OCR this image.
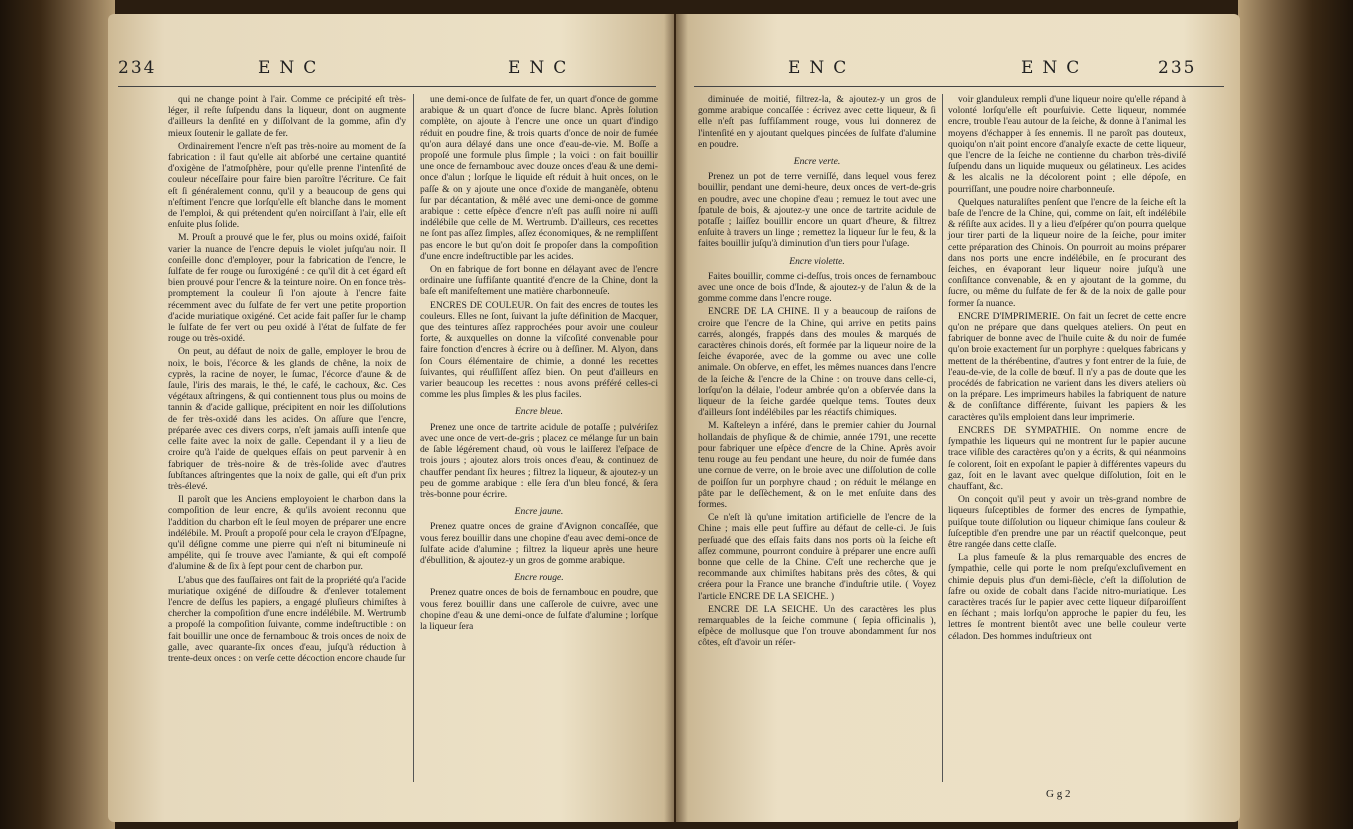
234	ENC	ENC

qui ne change point à l'air. Comme ce précipité eſt très-léger, il reſte ſuſpendu dans la liqueur, dont on augmente d'ailleurs la denſité en y diſſolvant de la gomme, afin d'y mieux ſoutenir le gallate de fer.

Ordinairement l'encre n'eſt pas très-noire au moment de ſa fabrication : il faut qu'elle ait abſorbé une certaine quantité d'oxigène de l'atmoſphère, pour qu'elle prenne l'intenſité de couleur néceſſaire pour faire bien paroître l'écriture. Ce fait eſt ſi généralement connu, qu'il y a beaucoup de gens qui n'eſtiment l'encre que lorſqu'elle eſt blanche dans le moment de l'emploi, & qui prétendent qu'en noirciſſant à l'air, elle eſt enſuite plus ſolide.

M. Prouſt a prouvé que le fer, plus ou moins oxidé, faiſoit varier la nuance de l'encre depuis le violet juſqu'au noir. Il conſeille donc d'employer, pour la fabrication de l'encre, le ſulfate de fer rouge ou ſuroxigéné : ce qu'il dit à cet égard eſt bien prouvé pour l'encre & la teinture noire. On en fonce très-promptement la couleur ſi l'on ajoute à l'encre faite récemment avec du ſulfate de fer vert une petite proportion d'acide muriatique oxigéné. Cet acide fait paſſer ſur le champ le ſulfate de fer vert ou peu oxidé à l'état de ſulfate de fer rouge ou très-oxidé.

On peut, au défaut de noix de galle, employer le brou de noix, le bois, l'écorce & les glands de chêne, la noix de cyprès, la racine de noyer, le ſumac, l'écorce d'aune & de ſaule, l'iris des marais, le thé, le café, le cachoux, &c. Ces végétaux aſtringens, & qui contiennent tous plus ou moins de tannin & d'acide gallique, précipitent en noir les diſſolutions de fer très-oxidé dans les acides. On aſſure que l'encre, préparée avec ces divers corps, n'eſt jamais auſſi intenſe que celle faite avec la noix de galle. Cependant il y a lieu de croire qu'à l'aide de quelques eſſais on peut parvenir à en fabriquer de très-noire & de très-ſolide avec d'autres ſubſtances aſtringentes que la noix de galle, qui eſt d'un prix très-élevé.

Il paroît que les Anciens employoient le charbon dans la compoſition de leur encre, & qu'ils avoient reconnu que l'addition du charbon eſt le ſeul moyen de préparer une encre indélébile. M. Prouſt a propoſé pour cela le crayon d'Eſpagne, qu'il déſigne comme une pierre qui n'eſt ni bitumineuſe ni ampélite, qui ſe trouve avec l'amiante, & qui eſt compoſé d'alumine & de ſix à ſept pour cent de charbon pur.

L'abus que des fauſſaires ont fait de la propriété qu'a l'acide muriatique oxigéné de diſſoudre & d'enlever totalement l'encre de deſſus les papiers, a engagé pluſieurs chimiſtes à chercher la compoſition d'une encre indélébile. M. Wertrumb a propoſé la compoſition ſuivante, comme indeſtructible : on fait bouillir une once de fernambouc & trois onces de noix de galle, avec quarante-ſix onces d'eau, juſqu'à réduction à trente-deux onces : on verſe cette décoction encore chaude ſur

une demi-once de ſulfate de fer, un quart d'once de gomme arabique & un quart d'once de ſucre blanc. Après ſolution complète, on ajoute à l'encre une once un quart d'indigo réduit en poudre fine, & trois quarts d'once de noir de fumée qu'on aura délayé dans une once d'eau-de-vie. M. Boſſe a propoſé une formule plus ſimple ; la voici : on fait bouillir une once de fernambouc avec douze onces d'eau & une demi-once d'alun ; lorſque le liquide eſt réduit à huit onces, on le paſſe & on y ajoute une once d'oxide de manganèſe, obtenu ſur par décantation, & mêlé avec une demi-once de gomme arabique : cette eſpèce d'encre n'eſt pas auſſi noire ni auſſi indélébile que celle de M. Wertrumb. D'ailleurs, ces recettes ne ſont pas aſſez ſimples, aſſez économiques, & ne rempliſſent pas encore le but qu'on doit ſe propoſer dans la compoſition d'une encre indeſtructible par les acides.

On en fabrique de fort bonne en délayant avec de l'encre ordinaire une ſuffiſante quantité d'encre de la Chine, dont la baſe eſt manifeſtement une matière charbonneuſe.

ENCRES DE COULEUR. On fait des encres de toutes les couleurs. Elles ne ſont, ſuivant la juſte définition de Macquer, que des teintures aſſez rapprochées pour avoir une couleur forte, & auxquelles on donne la viſcoſité convenable pour faire fonction d'encres à écrire ou à deſſiner. M. Alyon, dans ſon Cours élémentaire de chimie, a donné les recettes ſuivantes, qui réuſſiſſent aſſez bien. On peut d'ailleurs en varier beaucoup les recettes : nous avons préféré celles-ci comme les plus ſimples & les plus faciles.

Encre bleue.

Prenez une once de tartrite acidule de potaſſe ; pulvériſez avec une once de vert-de-gris ; placez ce mélange ſur un bain de ſable légérement chaud, où vous le laiſſerez l'eſpace de trois jours ; ajoutez alors trois onces d'eau, & continuez de chauffer pendant ſix heures ; filtrez la liqueur, & ajoutez-y un peu de gomme arabique : elle ſera d'un bleu foncé, & ſera très-bonne pour écrire.

Encre jaune.

Prenez quatre onces de graine d'Avignon concaſſée, que vous ferez bouillir dans une chopine d'eau avec demi-once de ſulfate acide d'alumine ; filtrez la liqueur après une heure d'ébullition, & ajoutez-y un gros de gomme arabique.

Encre rouge.

Prenez quatre onces de bois de fernambouc en poudre, que vous ferez bouillir dans une caſſerole de cuivre, avec une chopine d'eau & une demi-once de ſulfate d'alumine ; lorſque la liqueur ſera

ENC	ENC	235

diminuée de moitié, filtrez-la, & ajoutez-y un gros de gomme arabique concaſſée : écrivez avec cette liqueur, & ſi elle n'eſt pas ſuffiſamment rouge, vous lui donnerez de l'intenſité en y ajoutant quelques pincées de ſulfate d'alumine en poudre.

Encre verte.

Prenez un pot de terre verniſſé, dans lequel vous ferez bouillir, pendant une demi-heure, deux onces de vert-de-gris en poudre, avec une chopine d'eau ; remuez le tout avec une ſpatule de bois, & ajoutez-y une once de tartrite acidule de potaſſe ; laiſſez bouillir encore un quart d'heure, & filtrez enſuite à travers un linge ; remettez la liqueur ſur le feu, & la faites bouillir juſqu'à diminution d'un tiers pour l'uſage.

Encre violette.

Faites bouillir, comme ci-deſſus, trois onces de fernambouc avec une once de bois d'Inde, & ajoutez-y de l'alun & de la gomme comme dans l'encre rouge.

ENCRE DE LA CHINE. Il y a beaucoup de raiſons de croire que l'encre de la Chine, qui arrive en petits pains carrés, alongés, frappés dans des moules & marqués de caractères chinois dorés, eſt formée par la liqueur noire de la ſeiche évaporée, avec de la gomme ou avec une colle animale. On obſerve, en effet, les mêmes nuances dans l'encre de la ſeiche & l'encre de la Chine : on trouve dans celle-ci, lorſqu'on la délaie, l'odeur ambrée qu'on a obſervée dans la liqueur de la ſeiche gardée quelque tems. Toutes deux d'ailleurs ſont indélébiles par les réactifs chimiques.

M. Kaſteleyn a inféré, dans le premier cahier du Journal hollandais de phyſique & de chimie, année 1791, une recette pour fabriquer une eſpèce d'encre de la Chine. Après avoir tenu rouge au feu pendant une heure, du noir de fumée dans une cornue de verre, on le broie avec une diſſolution de colle de poiſſon ſur un porphyre chaud ; on réduit le mélange en pâte par le deſſèchement, & on le met enſuite dans des formes.

Ce n'eſt là qu'une imitation artificielle de l'encre de la Chine ; mais elle peut ſuffire au défaut de celle-ci. Je ſuis perſuadé que des eſſais faits dans nos ports où la ſeiche eſt aſſez commune, pourront conduire à préparer une encre auſſi bonne que celle de la Chine. C'eſt une recherche que je recommande aux chimiſtes habitans près des côtes, & qui créera pour la France une branche d'induſtrie utile. ( Voyez l'article ENCRE DE LA SEICHE. )

ENCRE DE LA SEICHE. Un des caractères les plus remarquables de la ſeiche commune ( ſepia officinalis ), eſpèce de mollusque que l'on trouve abondamment ſur nos côtes, eſt d'avoir un réſer-

voir glanduleux rempli d'une liqueur noire qu'elle répand à volonté lorſqu'elle eſt pourſuivie. Cette liqueur, nommée encre, trouble l'eau autour de la ſeiche, & donne à l'animal les moyens d'échapper à ſes ennemis. Il ne paroît pas douteux, quoiqu'on n'ait point encore d'analyſe exacte de cette liqueur, que l'encre de la ſeiche ne contienne du charbon très-diviſé ſuſpendu dans un liquide muqueux ou gélatineux. Les acides & les alcalis ne la décolorent point ; elle dépoſe, en pourriſſant, une poudre noire charbonneuſe.

Quelques naturaliſtes penſent que l'encre de la ſeiche eſt la baſe de l'encre de la Chine, qui, comme on ſait, eſt indélébile & réſiſte aux acides. Il y a lieu d'eſpérer qu'on pourra quelque jour tirer parti de la liqueur noire de la ſeiche, pour imiter cette préparation des Chinois. On pourroit au moins préparer dans nos ports une encre indélébile, en ſe procurant des ſeiches, en évaporant leur liqueur noire juſqu'à une conſiſtance convenable, & en y ajoutant de la gomme, du ſucre, ou même du ſulfate de fer & de la noix de galle pour former ſa nuance.

ENCRE D'IMPRIMERIE. On fait un ſecret de cette encre qu'on ne prépare que dans quelques ateliers. On peut en fabriquer de bonne avec de l'huile cuite & du noir de fumée qu'on broie exactement ſur un porphyre : quelques fabricans y mettent de la thérébentine, d'autres y font entrer de la ſuie, de l'eau-de-vie, de la colle de bœuf. Il n'y a pas de doute que les procédés de fabrication ne varient dans les divers ateliers où on la prépare. Les imprimeurs habiles la fabriquent de nature & de conſiſtance différente, ſuivant les papiers & les caractères qu'ils emploient dans leur imprimerie.

ENCRES DE SYMPATHIE. On nomme encre de ſympathie les liqueurs qui ne montrent ſur le papier aucune trace viſible des caractères qu'on y a écrits, & qui néanmoins ſe colorent, ſoit en expoſant le papier à différentes vapeurs du gaz, ſoit en le lavant avec quelque diſſolution, ſoit en le chauffant, &c.

On conçoit qu'il peut y avoir un très-grand nombre de liqueurs ſuſceptibles de former des encres de ſympathie, puiſque toute diſſolution ou liqueur chimique ſans couleur & ſuſceptible d'en prendre une par un réactif quelconque, peut être rangée dans cette claſſe.

La plus fameuſe & la plus remarquable des encres de ſympathie, celle qui porte le nom preſqu'excluſivement en chimie depuis plus d'un demi-ſiècle, c'eſt la diſſolution de ſafre ou oxide de cobalt dans l'acide nitro-muriatique. Les caractères tracés ſur le papier avec cette liqueur diſparoiſſent en ſéchant ; mais lorſqu'on approche le papier du feu, les lettres ſe montrent bientôt avec une belle couleur verte céladon. Des hommes induſtrieux ont

G g 2
